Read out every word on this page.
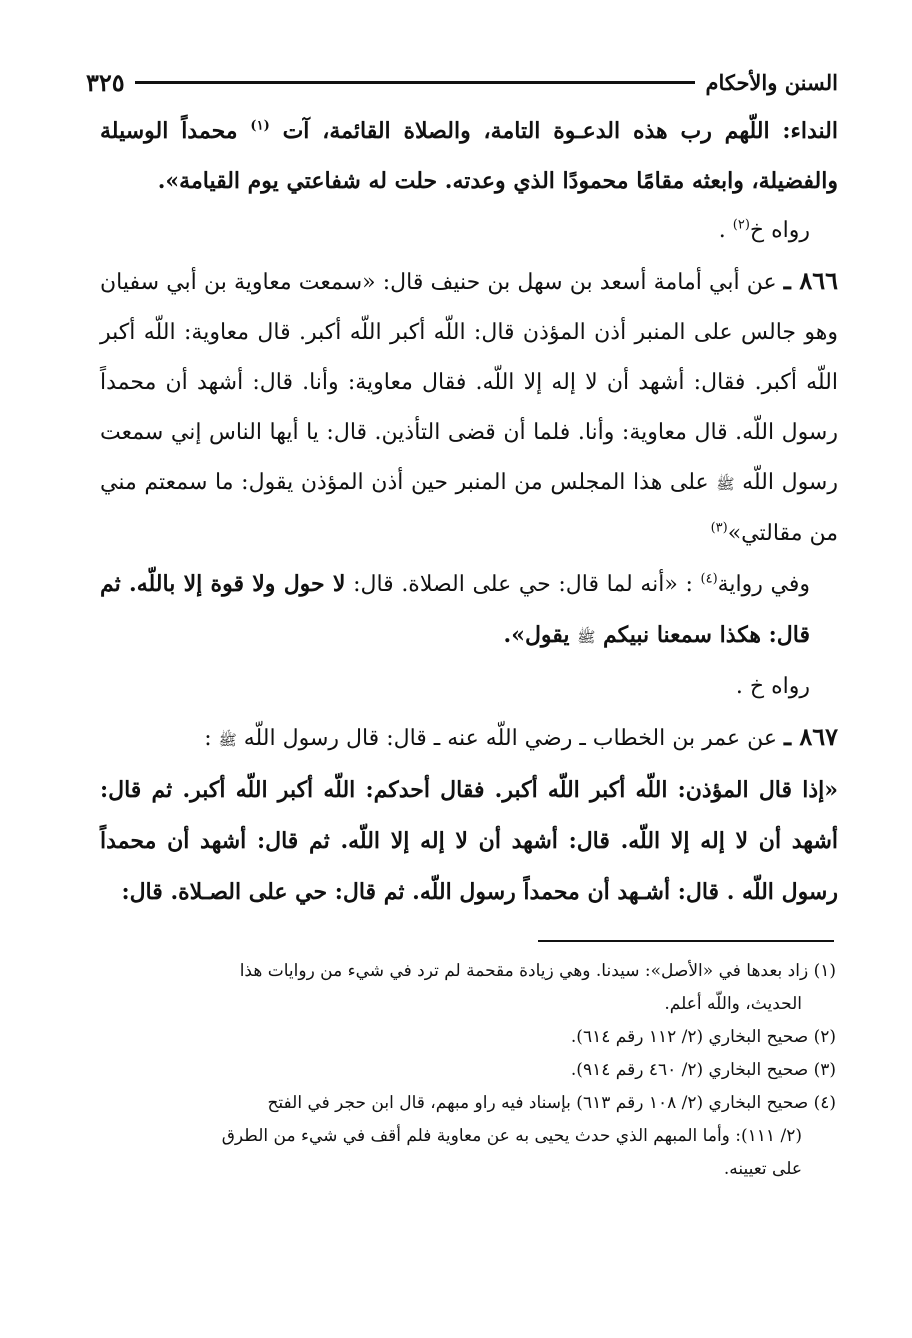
السنن والأحكام
٣٢٥

النداء: اللّهم رب هذه الدعـوة التامة، والصلاة القائمة، آت $^{(١)}$ محمداً الوسيلة والفضيلة، وابعثه مقامًا محمودًا الذي وعدته. حلت له شفاعتي يوم القيامة».

رواه خ$^{(٢)}$ .

٨٦٦ ـ عن أبي أمامة أسعد بن سهل بن حنيف قال: «سمعت معاوية بن أبي سفيان وهو جالس على المنبر أذن المؤذن قال: اللّه أكبر اللّه أكبر. قال معاوية: اللّه أكبر اللّه أكبر. فقال: أشهد أن لا إله إلا اللّه. فقال معاوية: وأنا. قال: أشهد أن محمداً رسول اللّه. قال معاوية: وأنا. فلما أن قضى التأذين. قال: يا أيها الناس إني سمعت رسول اللّه ﷺ على هذا المجلس من المنبر حين أذن المؤذن يقول: ما سمعتم مني من مقالتي»$^{(٣)}$

وفي رواية$^{(٤)}$ : «أنه لما قال: حي على الصلاة. قال: لا حول ولا قوة إلا باللّه. ثم قال: هكذا سمعنا نبيكم ﷺ يقول».

رواه خ .

٨٦٧ ـ عن عمر بن الخطاب ـ رضي اللّه عنه ـ قال: قال رسول اللّه ﷺ :
«إذا قال المؤذن: اللّه أكبر اللّه أكبر. فقال أحدكم: اللّه أكبر اللّه أكبر. ثم قال: أشهد أن لا إله إلا اللّه. قال: أشهد أن لا إله إلا اللّه. ثم قال: أشهد أن محمداً رسول اللّه . قال: أشـهد أن محمداً رسول اللّه. ثم قال: حي على الصـلاة. قال:

(١) زاد بعدها في «الأصل»: سيدنا. وهي زيادة مقحمة لم ترد في شيء من روايات هذا

الحديث، واللّه أعلم.

(٢) صحيح البخاري (٢/ ١١٢ رقم ٦١٤).

(٣) صحيح البخاري (٢/ ٤٦٠ رقم ٩١٤).

(٤) صحيح البخاري (٢/ ١٠٨ رقم ٦١٣) بإسناد فيه راو مبهم، قال ابن حجر في الفتح

(٢/ ١١١): وأما المبهم الذي حدث يحيى به عن معاوية فلم أقف في شيء من الطرق

على تعيينه.
